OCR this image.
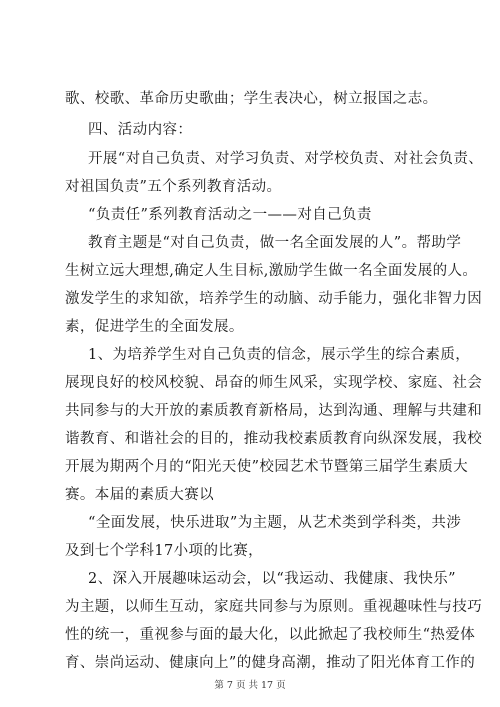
歌、校歌、革命历史歌曲；学生表决心，树立报国之志。
四、活动内容：
开展“对自己负责、对学习负责、对学校负责、对社会负责、
对祖国负责”五个系列教育活动。
“负责任”系列教育活动之一——对自己负责
教育主题是“对自己负责，做一名全面发展的人”。帮助学
生树立远大理想,确定人生目标,激励学生做一名全面发展的人。
激发学生的求知欲，培养学生的动脑、动手能力，强化非智力因
素，促进学生的全面发展。
1、为培养学生对自己负责的信念，展示学生的综合素质，
展现良好的校风校貌、昂奋的师生风采，实现学校、家庭、社会
共同参与的大开放的素质教育新格局，达到沟通、理解与共建和
谐教育、和谐社会的目的，推动我校素质教育向纵深发展，我校
开展为期两个月的“阳光天使”校园艺术节暨第三届学生素质大
赛。本届的素质大赛以
“全面发展，快乐进取”为主题，从艺术类到学科类，共涉
及到七个学科17小项的比赛，
2、深入开展趣味运动会，以“我运动、我健康、我快乐”
为主题，以师生互动，家庭共同参与为原则。重视趣味性与技巧
性的统一，重视参与面的最大化，以此掀起了我校师生“热爱体
育、崇尚运动、健康向上”的健身高潮，推动了阳光体育工作的
第 7 页 共 17 页
